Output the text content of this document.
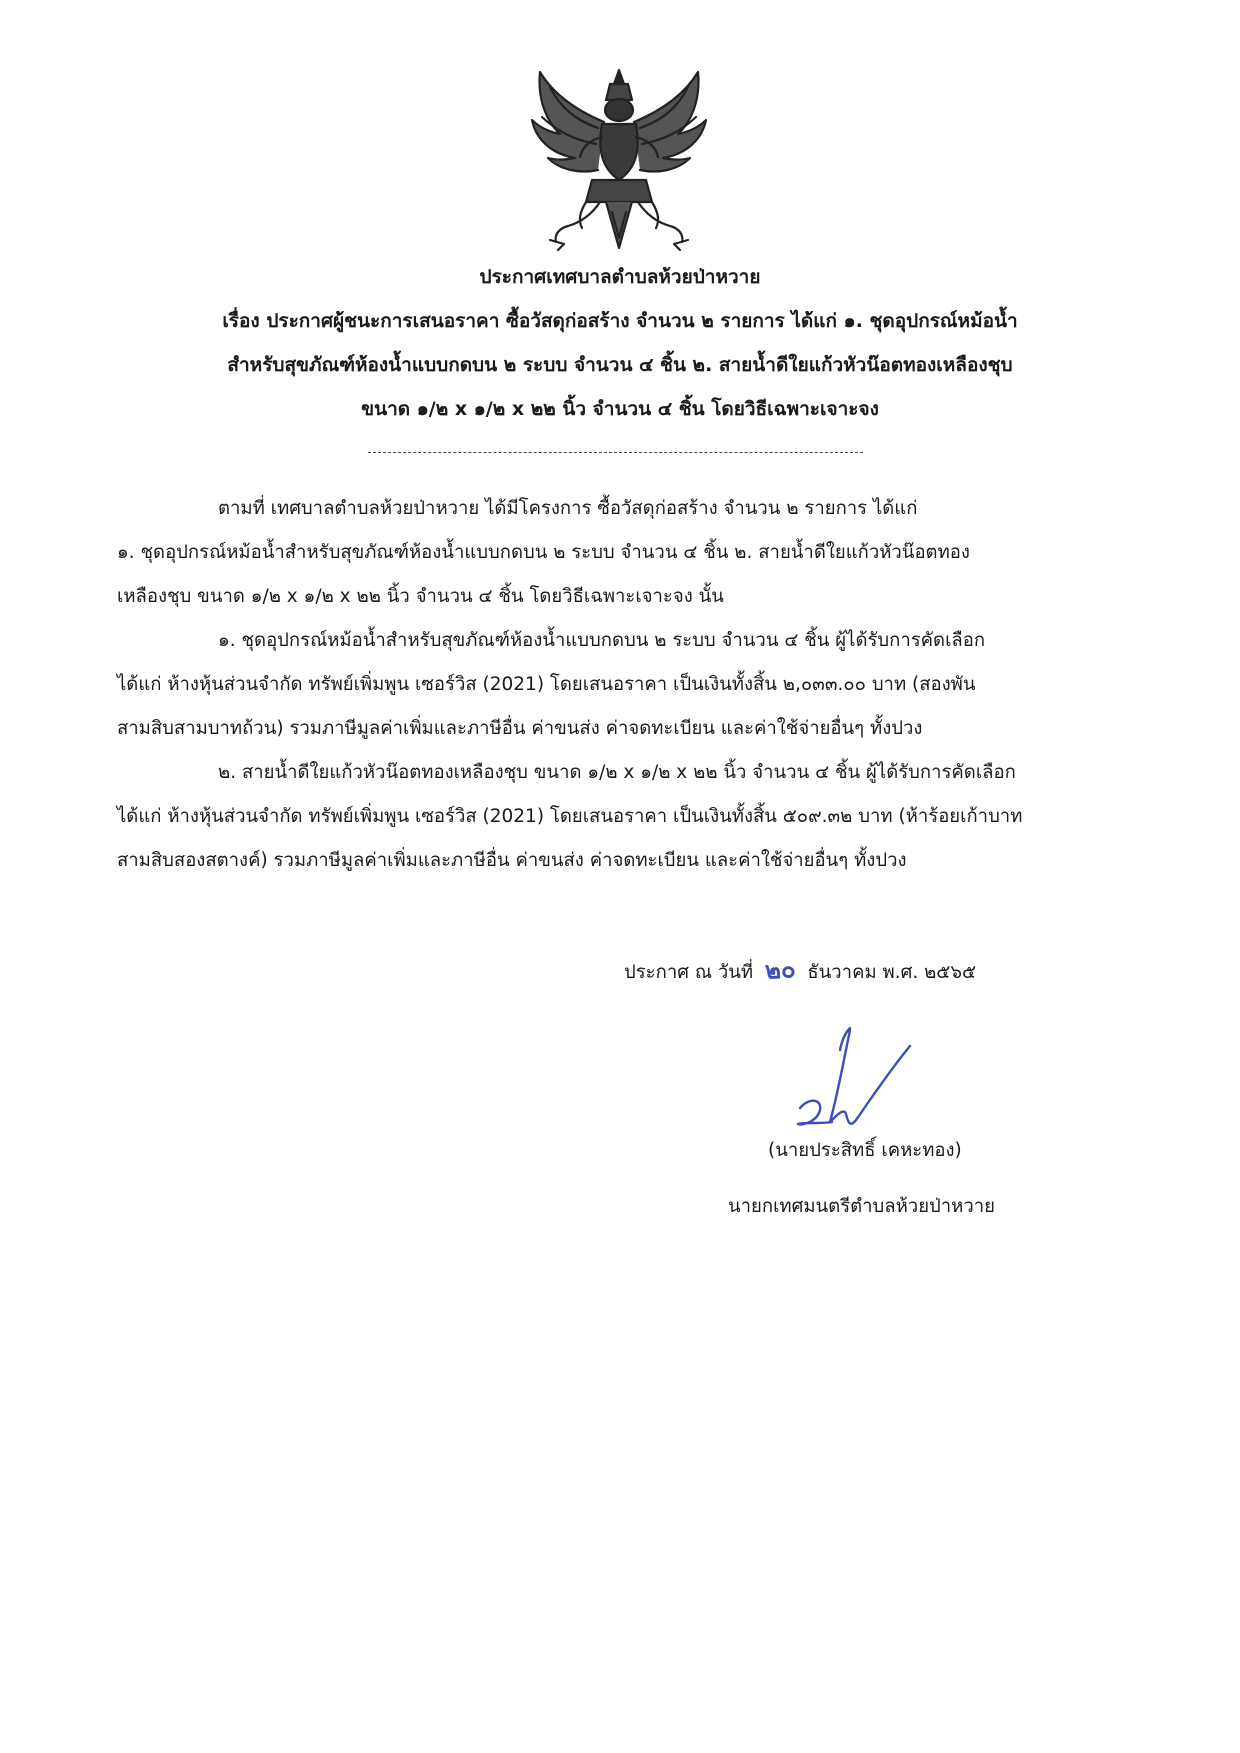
ประกาศเทศบาลตำบลห้วยป่าหวาย
เรื่อง ประกาศผู้ชนะการเสนอราคา ซื้อวัสดุก่อสร้าง จำนวน ๒ รายการ ได้แก่ ๑. ชุดอุปกรณ์หม้อน้ำ
สำหรับสุขภัณฑ์ห้องน้ำแบบกดบน ๒ ระบบ จำนวน ๔ ชิ้น ๒. สายน้ำดีใยแก้วหัวน๊อตทองเหลืองชุบ
ขนาด ๑/๒ x ๑/๒ x ๒๒ นิ้ว จำนวน ๔ ชิ้น โดยวิธีเฉพาะเจาะจง
ตามที่ เทศบาลตำบลห้วยป่าหวาย ได้มีโครงการ ซื้อวัสดุก่อสร้าง จำนวน ๒ รายการ ได้แก่
๑. ชุดอุปกรณ์หม้อน้ำสำหรับสุขภัณฑ์ห้องน้ำแบบกดบน ๒ ระบบ จำนวน ๔ ชิ้น ๒. สายน้ำดีใยแก้วหัวน๊อตทอง
เหลืองชุบ ขนาด ๑/๒ x ๑/๒ x ๒๒ นิ้ว จำนวน ๔ ชิ้น โดยวิธีเฉพาะเจาะจง นั้น
๑. ชุดอุปกรณ์หม้อน้ำสำหรับสุขภัณฑ์ห้องน้ำแบบกดบน ๒ ระบบ จำนวน ๔ ชิ้น ผู้ได้รับการคัดเลือก
ได้แก่ ห้างหุ้นส่วนจำกัด ทรัพย์เพิ่มพูน เซอร์วิส (2021) โดยเสนอราคา เป็นเงินทั้งสิ้น ๒,๐๓๓.๐๐ บาท (สองพัน
สามสิบสามบาทถ้วน) รวมภาษีมูลค่าเพิ่มและภาษีอื่น ค่าขนส่ง ค่าจดทะเบียน และค่าใช้จ่ายอื่นๆ ทั้งปวง
๒. สายน้ำดีใยแก้วหัวน๊อตทองเหลืองชุบ ขนาด ๑/๒ x ๑/๒ x ๒๒ นิ้ว จำนวน ๔ ชิ้น ผู้ได้รับการคัดเลือก
ได้แก่ ห้างหุ้นส่วนจำกัด ทรัพย์เพิ่มพูน เซอร์วิส (2021) โดยเสนอราคา เป็นเงินทั้งสิ้น ๕๐๙.๓๒ บาท (ห้าร้อยเก้าบาท
สามสิบสองสตางค์) รวมภาษีมูลค่าเพิ่มและภาษีอื่น ค่าขนส่ง ค่าจดทะเบียน และค่าใช้จ่ายอื่นๆ ทั้งปวง
ประกาศ ณ วันที่ ๒๐ ธันวาคม พ.ศ. ๒๕๖๕
(นายประสิทธิ์ เคหะทอง)
นายกเทศมนตรีตำบลห้วยป่าหวาย
